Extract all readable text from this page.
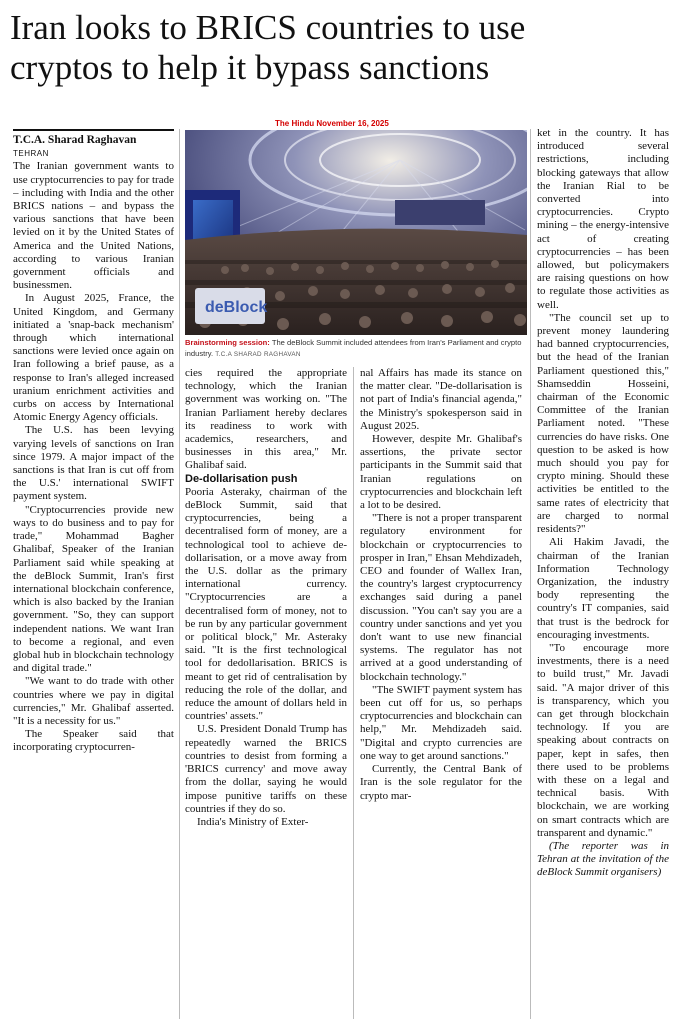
Iran looks to BRICS countries to use
cryptos to help it bypass sanctions
The Hindu November 16, 2025

T.C.A. Sharad Raghavan

TEHRAN

The Iranian government wants to use cryptocurrencies to pay for trade – including with India and the other BRICS nations – and bypass the various sanctions that have been levied on it by the United States of America and the United Nations, according to various Iranian government officials and businessmen.

In August 2025, France, the United Kingdom, and Germany initiated a 'snap-back mechanism' through which international sanctions were levied once again on Iran following a brief pause, as a response to Iran's alleged increased uranium enrichment activities and curbs on access by International Atomic Energy Agency officials.

The U.S. has been levying varying levels of sanctions on Iran since 1979. A major impact of the sanctions is that Iran is cut off from the U.S.' international SWIFT payment system.

"Cryptocurrencies provide new ways to do business and to pay for trade," Mohammad Bagher Ghalibaf, Speaker of the Iranian Parliament said while speaking at the deBlock Summit, Iran's first international blockchain conference, which is also backed by the Iranian government. "So, they can support independent nations. We want Iran to become a regional, and even global hub in blockchain technology and digital trade."

"We want to do trade with other countries where we pay in digital currencies," Mr. Ghalibaf asserted. "It is a necessity for us."

The Speaker said that incorporating cryptocurren-

deBlock
Brainstorming session: The deBlock Summit included attendees from Iran's Parliament and crypto industry. T.C.A SHARAD RAGHAVAN

cies required the appropriate technology, which the Iranian government was working on. "The Iranian Parliament hereby declares its readiness to work with academics, researchers, and businesses in this area," Mr. Ghalibaf said.

De-dollarisation push

Pooria Asteraky, chairman of the deBlock Summit, said that cryptocurrencies, being a decentralised form of money, are a technological tool to achieve de-dollarisation, or a move away from the U.S. dollar as the primary international currency. "Cryptocurrencies are a decentralised form of money, not to be run by any particular government or political block," Mr. Asteraky said. "It is the first technological tool for dedollarisation. BRICS is meant to get rid of centralisation by reducing the role of the dollar, and reduce the amount of dollars held in countries' assets."

U.S. President Donald Trump has repeatedly warned the BRICS countries to desist from forming a 'BRICS currency' and move away from the dollar, saying he would impose punitive tariffs on these countries if they do so.

India's Ministry of Exter-

nal Affairs has made its stance on the matter clear. "De-dollarisation is not part of India's financial agenda," the Ministry's spokesperson said in August 2025.

However, despite Mr. Ghalibaf's assertions, the private sector participants in the Summit said that Iranian regulations on cryptocurrencies and blockchain left a lot to be desired.

"There is not a proper transparent regulatory environment for blockchain or cryptocurrencies to prosper in Iran," Ehsan Mehdizadeh, CEO and founder of Wallex Iran, the country's largest cryptocurrency exchanges said during a panel discussion. "You can't say you are a country under sanctions and yet you don't want to use new financial systems. The regulator has not arrived at a good understanding of blockchain technology."

"The SWIFT payment system has been cut off for us, so perhaps cryptocurrencies and blockchain can help," Mr. Mehdizadeh said. "Digital and crypto currencies are one way to get around sanctions."

Currently, the Central Bank of Iran is the sole regulator for the crypto mar-

ket in the country. It has introduced several restrictions, including blocking gateways that allow the Iranian Rial to be converted into cryptocurrencies. Crypto mining – the energy-intensive act of creating cryptocurrencies – has been allowed, but policymakers are raising questions on how to regulate those activities as well.

"The council set up to prevent money laundering had banned cryptocurrencies, but the head of the Iranian Parliament questioned this," Shamseddin Hosseini, chairman of the Economic Committee of the Iranian Parliament noted. "These currencies do have risks. One question to be asked is how much should you pay for crypto mining. Should these activities be entitled to the same rates of electricity that are charged to normal residents?"

Ali Hakim Javadi, the chairman of the Iranian Information Technology Organization, the industry body representing the country's IT companies, said that trust is the bedrock for encouraging investments.

"To encourage more investments, there is a need to build trust," Mr. Javadi said. "A major driver of this is transparency, which you can get through blockchain technology. If you are speaking about contracts on paper, kept in safes, then there used to be problems with these on a legal and technical basis. With blockchain, we are working on smart contracts which are transparent and dynamic."

(The reporter was in Tehran at the invitation of the deBlock Summit organisers)
